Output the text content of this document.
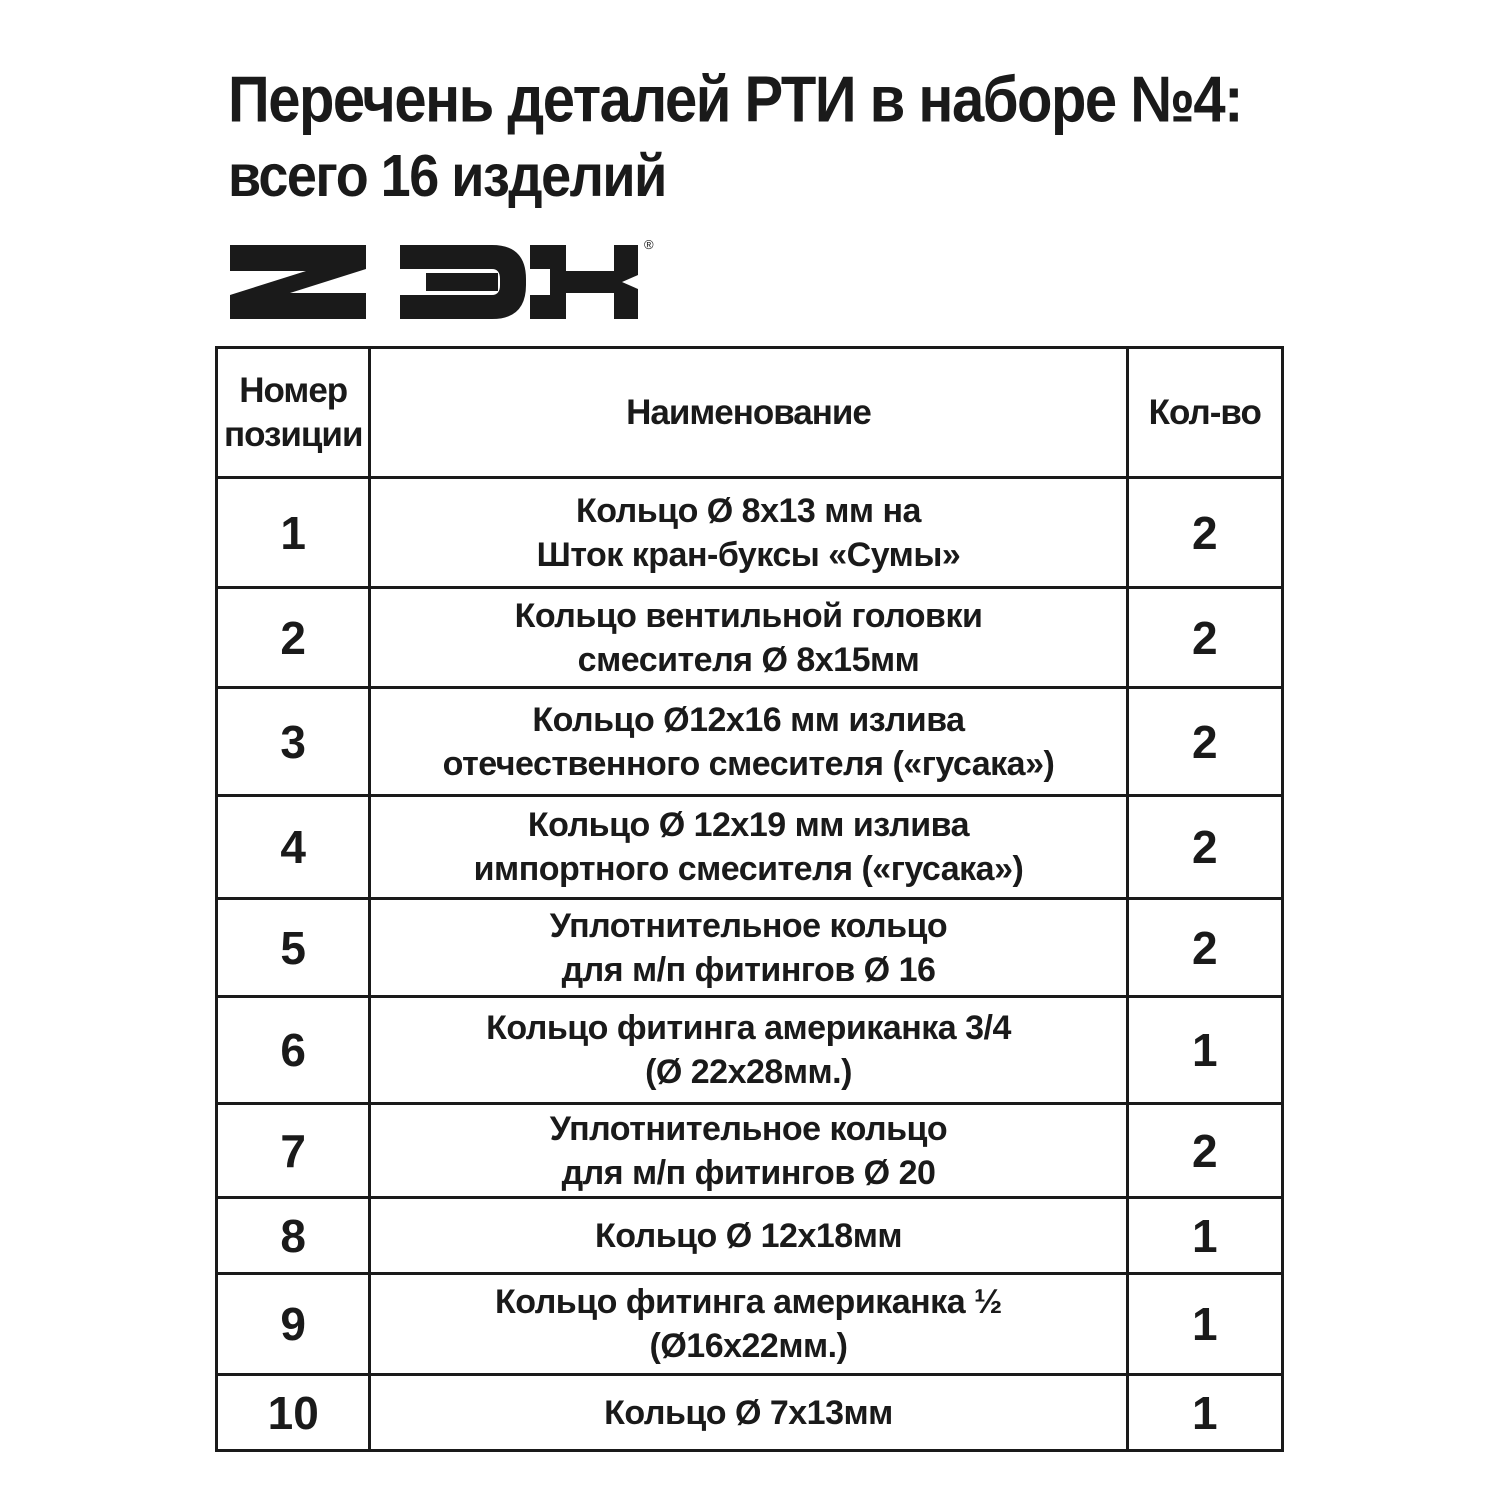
Перечень деталей РТИ в наборе №4:
всего 16 изделий
®
Номер
позиции	Наименование	Кол-во
1	Кольцо Ø 8х13 мм на
Шток кран-буксы «Сумы»	2
2	Кольцо вентильной головки
смесителя Ø 8х15мм	2
3	Кольцо Ø12х16 мм излива
отечественного смесителя («гусака»)	2
4	Кольцо Ø 12х19 мм излива
импортного смесителя («гусака»)	2
5	Уплотнительное кольцо
для м/п фитингов Ø 16	2
6	Кольцо фитинга американка 3/4
(Ø 22х28мм.)	1
7	Уплотнительное кольцо
для м/п фитингов Ø 20	2
8	Кольцо Ø 12х18мм	1
9	Кольцо фитинга американка ½
(Ø16х22мм.)	1
10	Кольцо Ø 7х13мм	1
